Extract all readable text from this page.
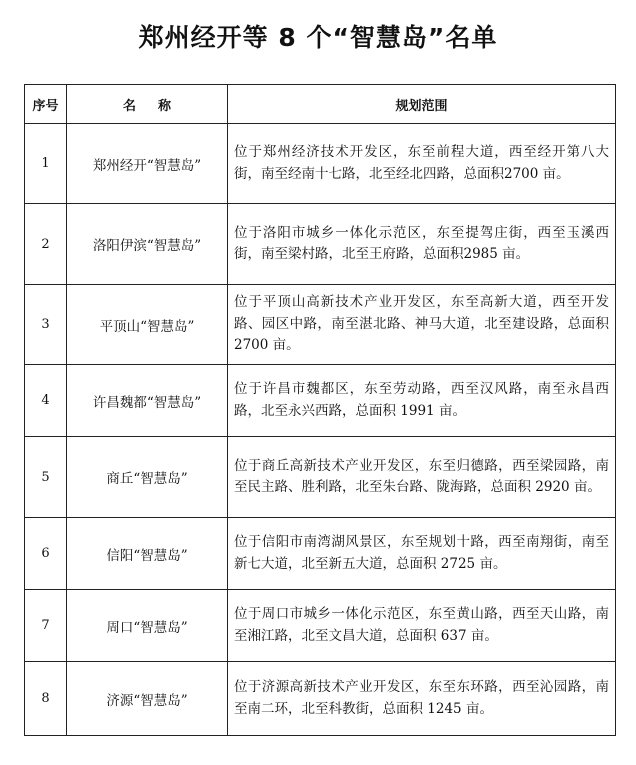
郑州经开等 8 个“智慧岛”名单
序号	名 称	规划范围
1	郑州经开“智慧岛”	位于郑州经济技术开发区，东至前程大道，西至经开第八大街，南至经南十七路，北至经北四路，总面积2700 亩。
2	洛阳伊滨“智慧岛”	位于洛阳市城乡一体化示范区，东至提驾庄街，西至玉溪西街，南至梁村路，北至王府路，总面积2985 亩。
3	平顶山“智慧岛”	位于平顶山高新技术产业开发区，东至高新大道，西至开发路、园区中路，南至湛北路、神马大道，北至建设路，总面积 2700 亩。
4	许昌魏都“智慧岛”	位于许昌市魏都区，东至劳动路，西至汉风路，南至永昌西路，北至永兴西路，总面积 1991 亩。
5	商丘“智慧岛”	位于商丘高新技术产业开发区，东至归德路，西至梁园路，南至民主路、胜利路，北至朱台路、陇海路，总面积 2920 亩。
6	信阳“智慧岛”	位于信阳市南湾湖风景区，东至规划十路，西至南翔街，南至新七大道，北至新五大道，总面积 2725 亩。
7	周口“智慧岛”	位于周口市城乡一体化示范区，东至黄山路，西至天山路，南至湘江路，北至文昌大道，总面积 637 亩。
8	济源“智慧岛”	位于济源高新技术产业开发区，东至东环路，西至沁园路，南至南二环，北至科教街，总面积 1245 亩。
